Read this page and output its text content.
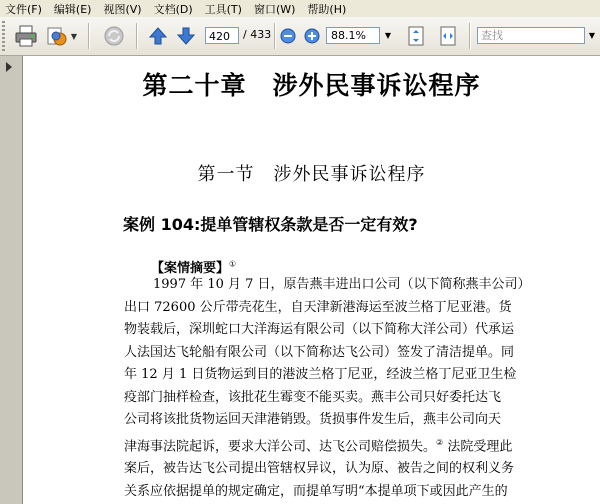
文件(F)	编辑(E)	视图(V)	文档(D)	工具(T)	窗口(W)	帮助(H)
▼	420	/ 433	88.1%	▼	查找	▼
第二十章　涉外民事诉讼程序
第一节　涉外民事诉讼程序
案例 104:提单管辖权条款是否一定有效?
【案情摘要】①
1997 年 10 月 7 日，原告燕丰进出口公司（以下简称燕丰公司）
出口 72600 公斤带壳花生，自天津新港海运至波兰格丁尼亚港。货
物装载后，深圳蛇口大洋海运有限公司（以下简称大洋公司）代承运
人法国达飞轮船有限公司（以下简称达飞公司）签发了清洁提单。同
年 12 月 1 日货物运到目的港波兰格丁尼亚，经波兰格丁尼亚卫生检
疫部门抽样检查，该批花生霉变不能买卖。燕丰公司只好委托达飞
公司将该批货物运回天津港销毁。货损事件发生后，燕丰公司向天
津海事法院起诉，要求大洋公司、达飞公司赔偿损失。② 法院受理此
案后，被告达飞公司提出管辖权异议，认为原、被告之间的权利义务
关系应依据提单的规定确定，而提单写明“本提单项下或因此产生的
